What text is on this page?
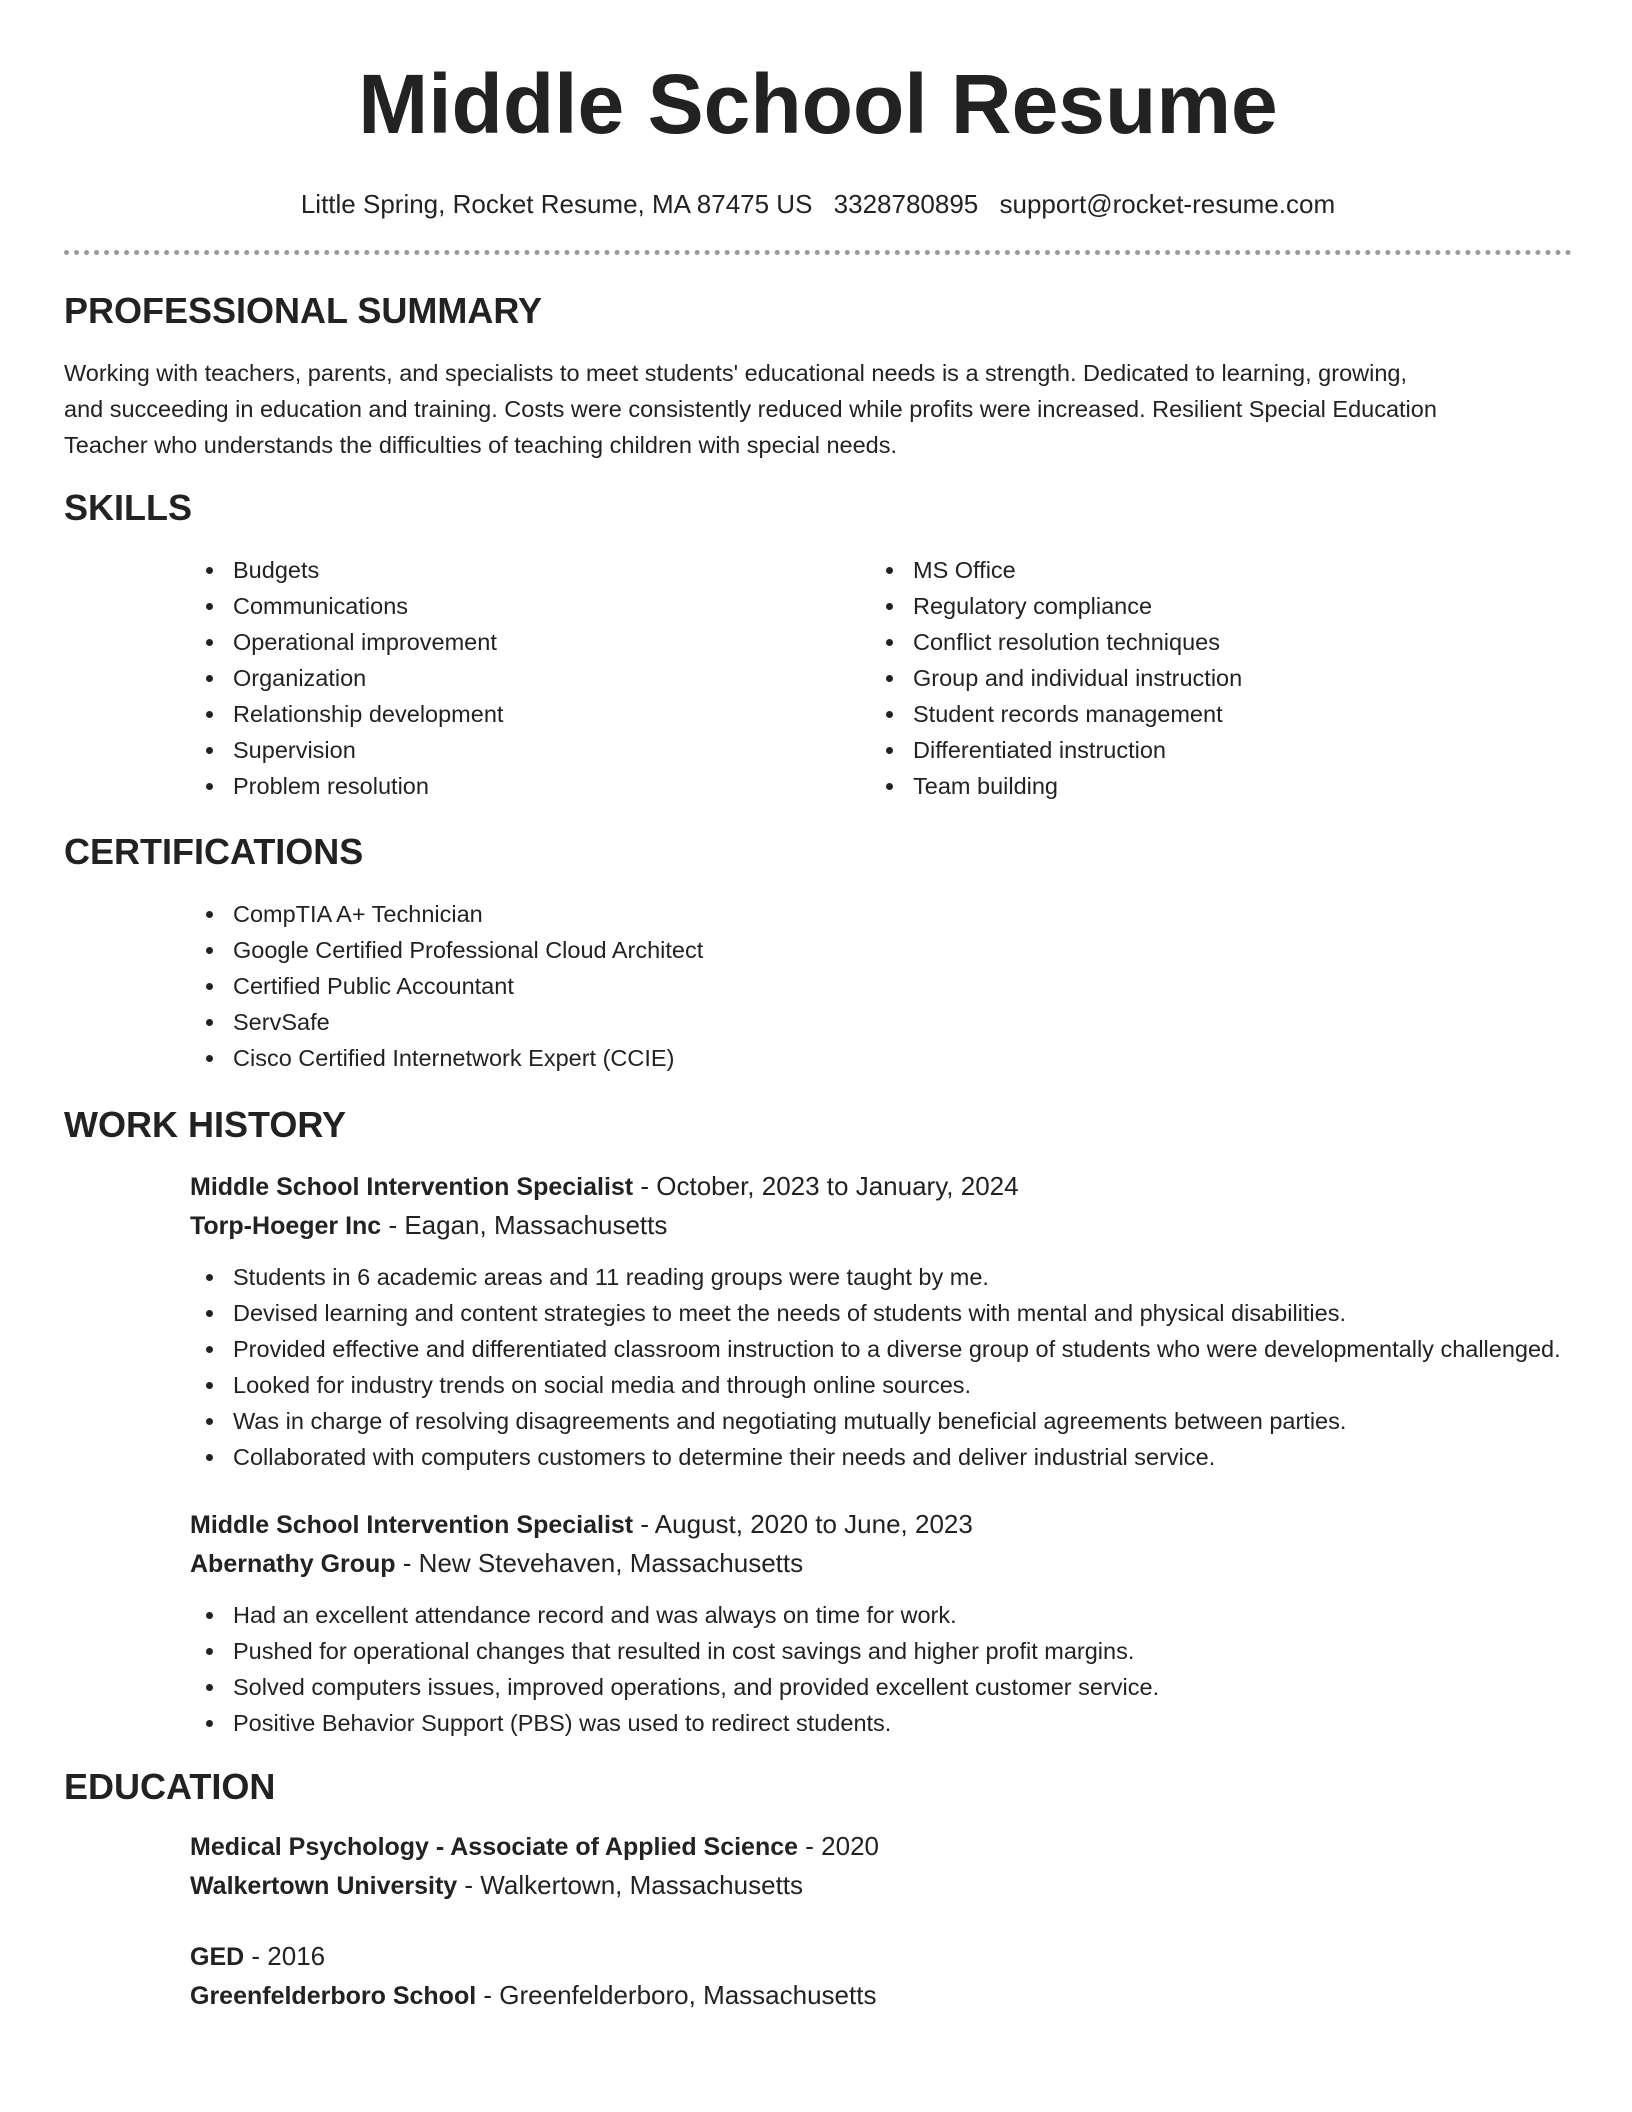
Middle School Resume
Little Spring, Rocket Resume, MA 87475 US 3328780895 support@rocket-resume.com
PROFESSIONAL SUMMARY

Working with teachers, parents, and specialists to meet students' educational needs is a strength. Dedicated to learning, growing, and succeeding in education and training. Costs were consistently reduced while profits were increased. Resilient Special Education Teacher who understands the difficulties of teaching children with special needs.

SKILLS
Budgets
Communications
Operational improvement
Organization
Relationship development
Supervision
Problem resolution
MS Office
Regulatory compliance
Conflict resolution techniques
Group and individual instruction
Student records management
Differentiated instruction
Team building
CERTIFICATIONS
CompTIA A+ Technician
Google Certified Professional Cloud Architect
Certified Public Accountant
ServSafe
Cisco Certified Internetwork Expert (CCIE)
WORK HISTORY
Middle School Intervention Specialist - October, 2023 to January, 2024
Torp-Hoeger Inc - Eagan, Massachusetts
Students in 6 academic areas and 11 reading groups were taught by me.
Devised learning and content strategies to meet the needs of students with mental and physical disabilities.
Provided effective and differentiated classroom instruction to a diverse group of students who were developmentally challenged.
Looked for industry trends on social media and through online sources.
Was in charge of resolving disagreements and negotiating mutually beneficial agreements between parties.
Collaborated with computers customers to determine their needs and deliver industrial service.
Middle School Intervention Specialist - August, 2020 to June, 2023
Abernathy Group - New Stevehaven, Massachusetts
Had an excellent attendance record and was always on time for work.
Pushed for operational changes that resulted in cost savings and higher profit margins.
Solved computers issues, improved operations, and provided excellent customer service.
Positive Behavior Support (PBS) was used to redirect students.
EDUCATION
Medical Psychology - Associate of Applied Science - 2020
Walkertown University - Walkertown, Massachusetts
GED - 2016
Greenfelderboro School - Greenfelderboro, Massachusetts
